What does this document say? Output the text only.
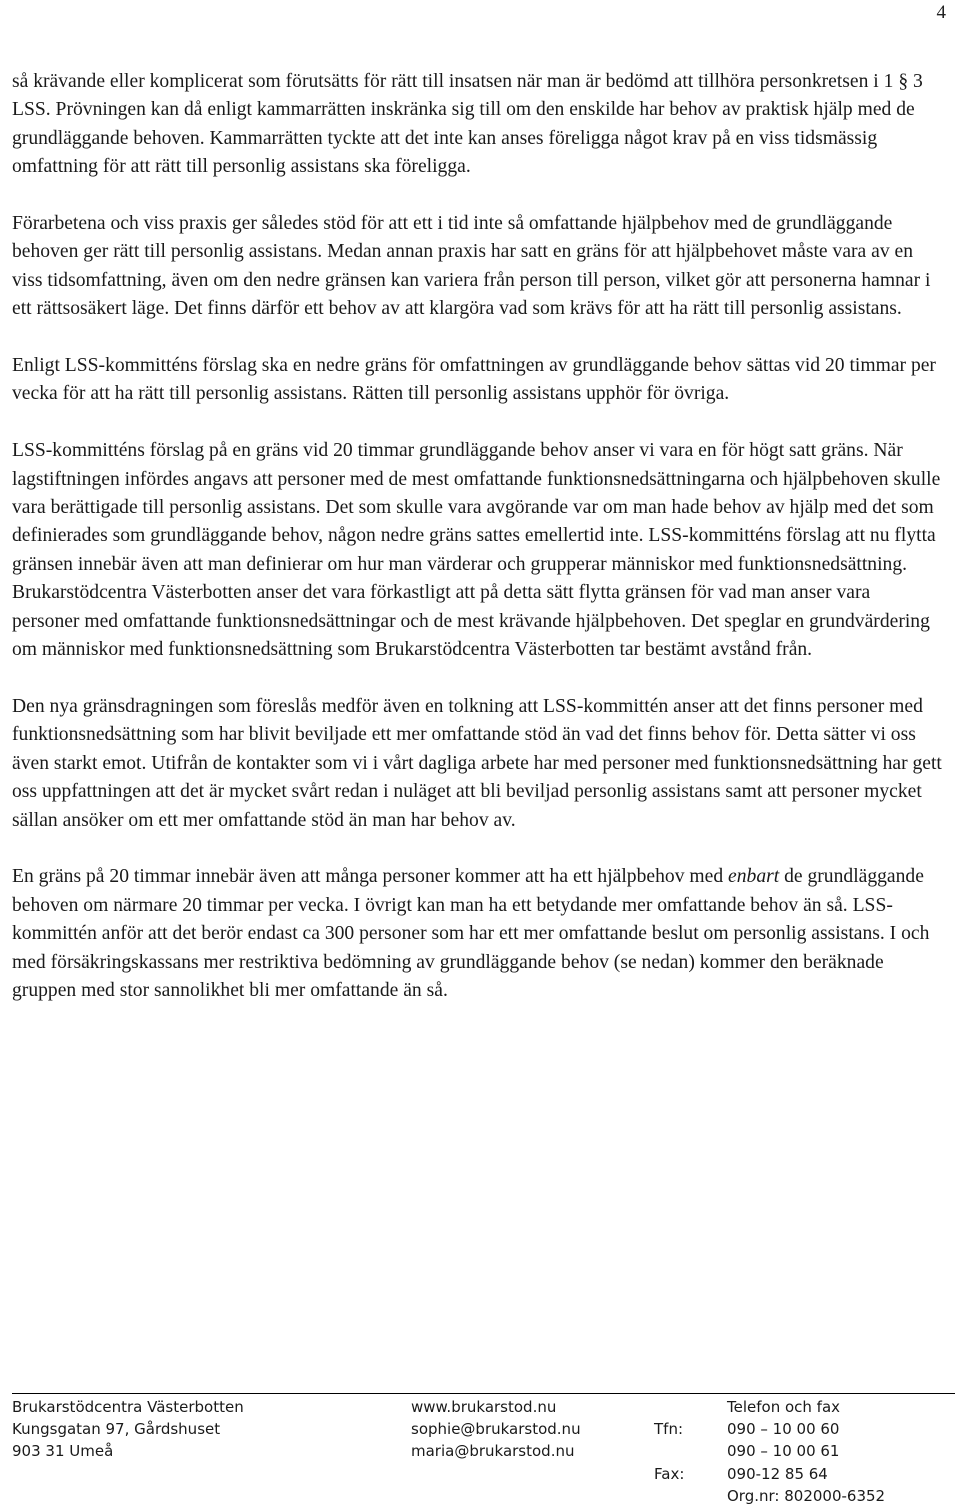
4

så krävande eller komplicerat som förutsätts för rätt till insatsen när man är bedömd att tillhöra personkretsen i 1 § 3 LSS. Prövningen kan då enligt kammarrätten inskränka sig till om den enskilde har behov av praktisk hjälp med de grundläggande behoven. Kammarrätten tyckte att det inte kan anses föreligga något krav på en viss tidsmässig omfattning för att rätt till personlig assistans ska föreligga.

Förarbetena och viss praxis ger således stöd för att ett i tid inte så omfattande hjälpbehov med de grundläggande behoven ger rätt till personlig assistans. Medan annan praxis har satt en gräns för att hjälpbehovet måste vara av en viss tidsomfattning, även om den nedre gränsen kan variera från person till person, vilket gör att personerna hamnar i ett rättsosäkert läge. Det finns därför ett behov av att klargöra vad som krävs för att ha rätt till personlig assistans.

Enligt LSS-kommitténs förslag ska en nedre gräns för omfattningen av grundläggande behov sättas vid 20 timmar per vecka för att ha rätt till personlig assistans. Rätten till personlig assistans upphör för övriga.

LSS-kommitténs förslag på en gräns vid 20 timmar grundläggande behov anser vi vara en för högt satt gräns. När lagstiftningen infördes angavs att personer med de mest omfattande funktionsnedsättningarna och hjälpbehoven skulle vara berättigade till personlig assistans. Det som skulle vara avgörande var om man hade behov av hjälp med det som definierades som grundläggande behov, någon nedre gräns sattes emellertid inte. LSS-kommitténs förslag att nu flytta gränsen innebär även att man definierar om hur man värderar och grupperar människor med funktionsnedsättning. Brukarstödcentra Västerbotten anser det vara förkastligt att på detta sätt flytta gränsen för vad man anser vara personer med omfattande funktionsnedsättningar och de mest krävande hjälpbehoven. Det speglar en grundvärdering om människor med funktionsnedsättning som Brukarstödcentra Västerbotten tar bestämt avstånd från.

Den nya gränsdragningen som föreslås medför även en tolkning att LSS-kommittén anser att det finns personer med funktionsnedsättning som har blivit beviljade ett mer omfattande stöd än vad det finns behov för. Detta sätter vi oss även starkt emot. Utifrån de kontakter som vi i vårt dagliga arbete har med personer med funktionsnedsättning har gett oss uppfattningen att det är mycket svårt redan i nuläget att bli beviljad personlig assistans samt att personer mycket sällan ansöker om ett mer omfattande stöd än man har behov av.

En gräns på 20 timmar innebär även att många personer kommer att ha ett hjälpbehov med enbart de grundläggande behoven om närmare 20 timmar per vecka. I övrigt kan man ha ett betydande mer omfattande behov än så. LSS-kommittén anför att det berör endast ca 300 personer som har ett mer omfattande beslut om personlig assistans. I och med försäkringskassans mer restriktiva bedömning av grundläggande behov (se nedan) kommer den beräknade gruppen med stor sannolikhet bli mer omfattande än så.

Brukarstödcentra Västerbotten
Kungsgatan 97, Gårdshuset
903 31 Umeå
www.brukarstod.nu
sophie@brukarstod.nu
maria@brukarstod.nu
Tfn:
Fax:
Telefon och fax
090 – 10 00 60
090 – 10 00 61
090-12 85 64
Org.nr: 802000-6352
